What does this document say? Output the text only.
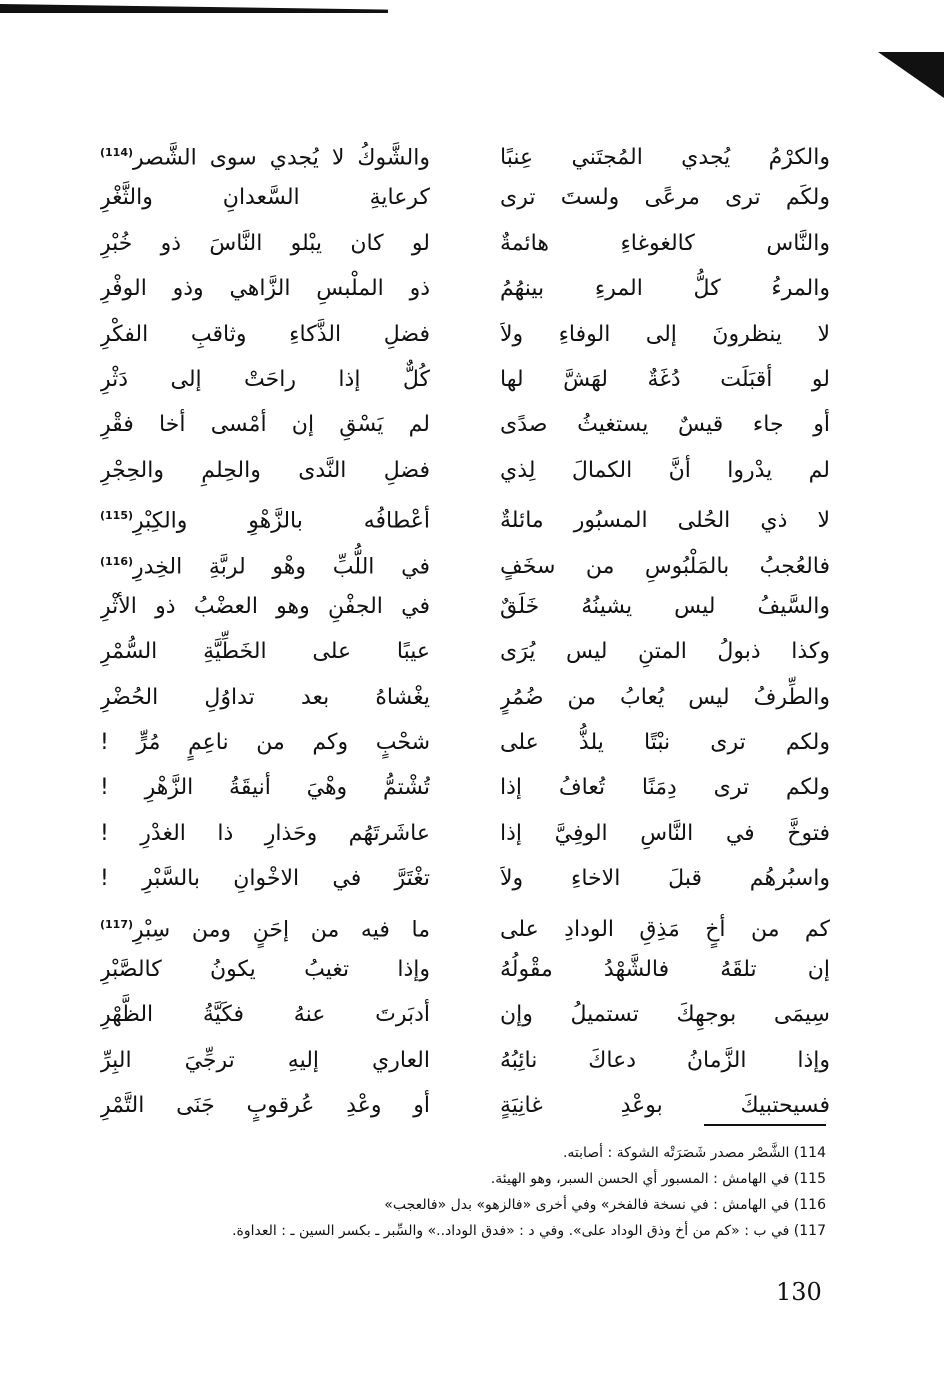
والكرْمُ يُجدي المُجتَني عِنبًا
والشَّوكُ لا يُجدي سوى الشَّصر$^{(114)}$
ولكَم ترى مرعًى ولستَ ترى
كرعايةِ السَّعدانِ والثَّغْرِ
والنَّاس كالغوغاءِ هائمةٌ
لو كان يبْلو النَّاسَ ذو خُبْرِ
والمرءُ كلُّ المرءِ بينهُمُ
ذو الملْبسِ الزَّاهي وذو الوفْرِ
لا ينظرونَ إلى الوفاءِ ولاَ
فضلِ الذَّكاءِ وثاقبِ الفكْرِ
لو أقبَلَت دُغَةٌ لهَشَّ لها
كُلٌّ إذا راحَتْ إلى دَثْرِ
أو جاء قيسٌ يستغيثُ صدًى
لم يَسْقِ إن أمْسى أخا فقْرِ
لم يدْروا أنَّ الكمالَ لِذي
فضلِ النَّدى والحِلمِ والحِجْرِ
لا ذي الحُلى المسبُور مائلةٌ
أعْطافُه بالزَّهْوِ والكِبْرِ$^{(115)}$
فالعُجبُ بالمَلْبُوسِ من سخَفٍ
في اللُّبِّ وهْو لربَّةِ الخِدرِ$^{(116)}$
والسَّيفُ ليس يشينُهُ خَلَقٌ
في الجفْنِ وهو العضْبُ ذو الأثْرِ
وكذا ذبولُ المتنِ ليس يُرَى
عيبًا على الخَطِّيَّةِ السُّمْرِ
والطِّرفُ ليس يُعابُ من ضُمُرٍ
يغْشاهُ بعد تداوُلِ الحُضْرِ
ولكم ترى نبْتًا يلذُّ على
شحْبٍ وكم من ناعِمٍ مُرٍّ !
ولكم ترى دِمَنًا تُعافُ إذا
تُشْتمُّ وهْيَ أنيقَةُ الزَّهْرِ !
فتوخَّ في النَّاسِ الوفِيَّ إذا
عاشَرتَهُم وحَذارِ ذا الغدْرِ !
واسبُرهُم قبلَ الاخاءِ ولاَ
تغْتَرَّ في الاخْوانِ بالسَّبْرِ !
كم من أخٍ مَذِقِ الودادِ على
ما فيه من إحَنٍ ومن سِبْرِ$^{(117)}$
إن تلقَهُ فالشَّهْدُ مقْولُهُ
وإذا تغيبُ يكونُ كالصَّبْرِ
سِيمَى بوجهِكَ تستميلُ وإن
أدبَرتَ عنهُ فكَيَّةُ الظَّهْرِ
وإذا الزَّمانُ دعاكَ نائِبُهُ
العاري إليهِ ترجِّيَ البِرِّ
فسيحتبيكَ بوعْدِ غانِيَةٍ
أو وعْدِ عُرقوبٍ جَنَى التَّمْرِ
114) الشَّصْر مصدر شَصَرَتْه الشوكة : أصابته.
115) في الهامش : المسبور أي الحسن السبر، وهو الهيئة.
116) في الهامش : في نسخة فالفخر» وفي أخرى «فالزهو» بدل «فالعجب»
117) في ب : «كم من أخ وذق الوداد على». وفي د : «فدق الوداد..» والسِّبر ـ بكسر السين ـ : العداوة.
130
